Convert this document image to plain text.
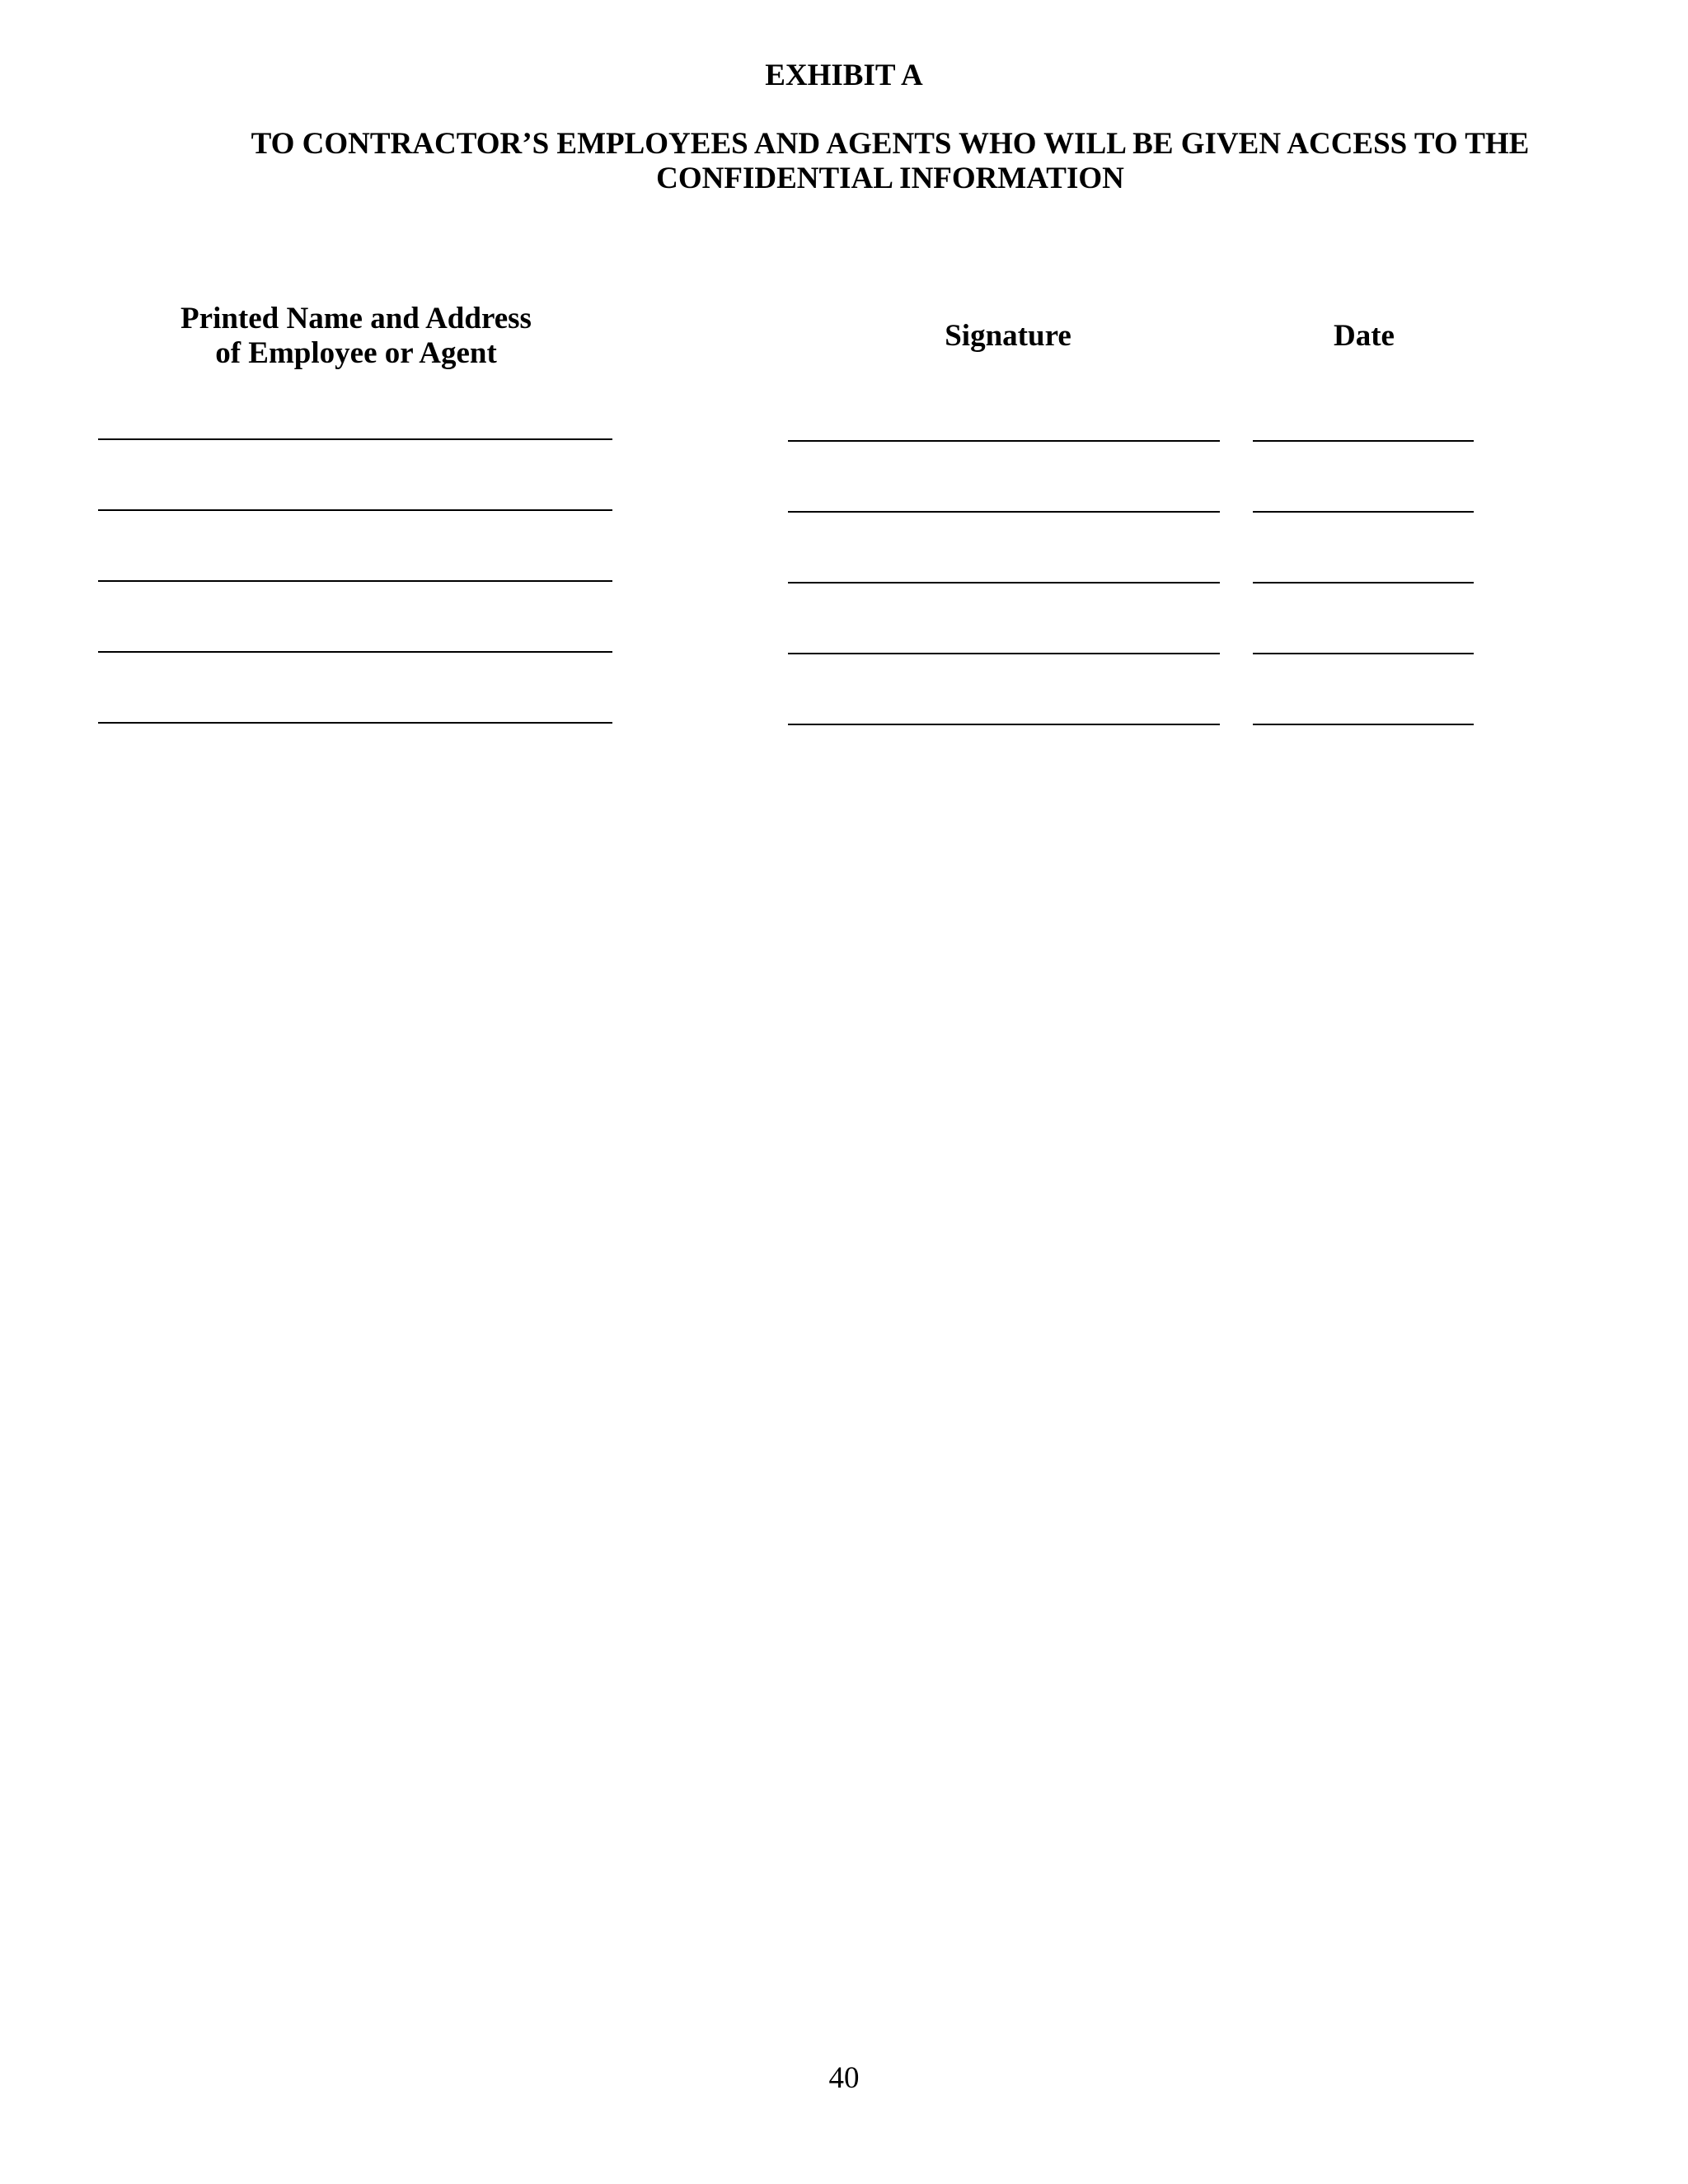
EXHIBIT A
TO CONTRACTOR’S EMPLOYEES AND AGENTS WHO WILL BE GIVEN ACCESS TO THE
CONFIDENTIAL INFORMATION
Printed Name and Address
of Employee or Agent
Signature	Date
40
